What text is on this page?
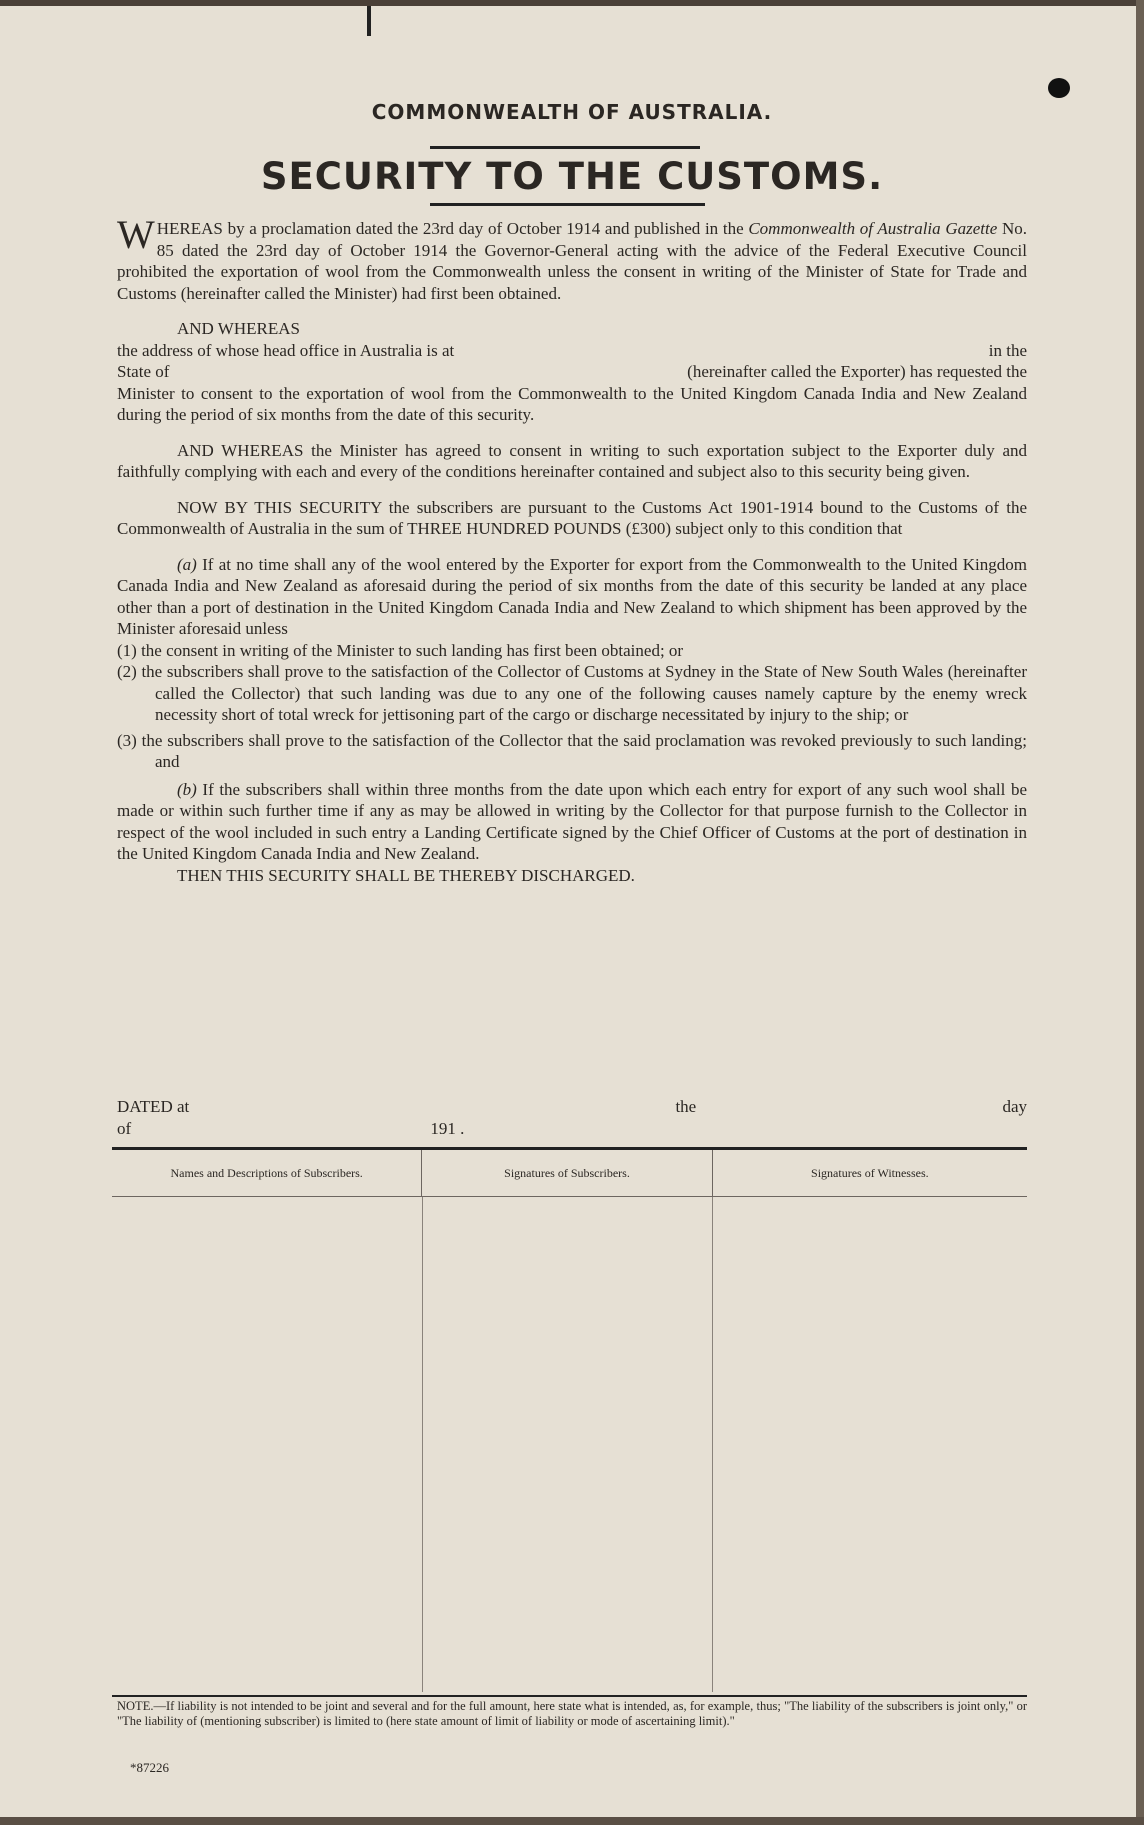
COMMONWEALTH OF AUSTRALIA.
SECURITY TO THE CUSTOMS.

WHEREAS by a proclamation dated the 23rd day of October 1914 and published in the Commonwealth of Australia Gazette No. 85 dated the 23rd day of October 1914 the Governor-General acting with the advice of the Federal Executive Council prohibited the exportation of wool from the Commonwealth unless the consent in writing of the Minister of State for Trade and Customs (hereinafter called the Minister) had first been obtained.

AND WHEREAS

the address of whose head office in Australia is at	in the
State of	(hereinafter called the Exporter) has requested the

Minister to consent to the exportation of wool from the Commonwealth to the United Kingdom Canada India and New Zealand during the period of six months from the date of this security.

AND WHEREAS the Minister has agreed to consent in writing to such exportation subject to the Exporter duly and faithfully complying with each and every of the conditions hereinafter contained and subject also to this security being given.

NOW BY THIS SECURITY the subscribers are pursuant to the Customs Act 1901-1914 bound to the Customs of the Commonwealth of Australia in the sum of THREE HUNDRED POUNDS (£300) subject only to this condition that

(a) If at no time shall any of the wool entered by the Exporter for export from the Commonwealth to the United Kingdom Canada India and New Zealand as aforesaid during the period of six months from the date of this security be landed at any place other than a port of destination in the United Kingdom Canada India and New Zealand to which shipment has been approved by the Minister aforesaid unless

(1) the consent in writing of the Minister to such landing has first been obtained; or

(2) the subscribers shall prove to the satisfaction of the Collector of Customs at Sydney in the State of New South Wales (hereinafter called the Collector) that such landing was due to any one of the following causes namely capture by the enemy wreck necessity short of total wreck for jettisoning part of the cargo or discharge necessitated by injury to the ship; or

(3) the subscribers shall prove to the satisfaction of the Collector that the said proclamation was revoked previously to such landing; and

(b) If the subscribers shall within three months from the date upon which each entry for export of any such wool shall be made or within such further time if any as may be allowed in writing by the Collector for that purpose furnish to the Collector in respect of the wool included in such entry a Landing Certificate signed by the Chief Officer of Customs at the port of destination in the United Kingdom Canada India and New Zealand.

THEN THIS SECURITY SHALL BE THEREBY DISCHARGED.

DATED at	the	day
of	191 .
Names and Descriptions of Subscribers.	Signatures of Subscribers.	Signatures of Witnesses.
NOTE.—If liability is not intended to be joint and several and for the full amount, here state what is intended, as, for example, thus; "The liability of the subscribers is joint only," or "The liability of (mentioning subscriber) is limited to (here state amount of limit of liability or mode of ascertaining limit)."
*87226
